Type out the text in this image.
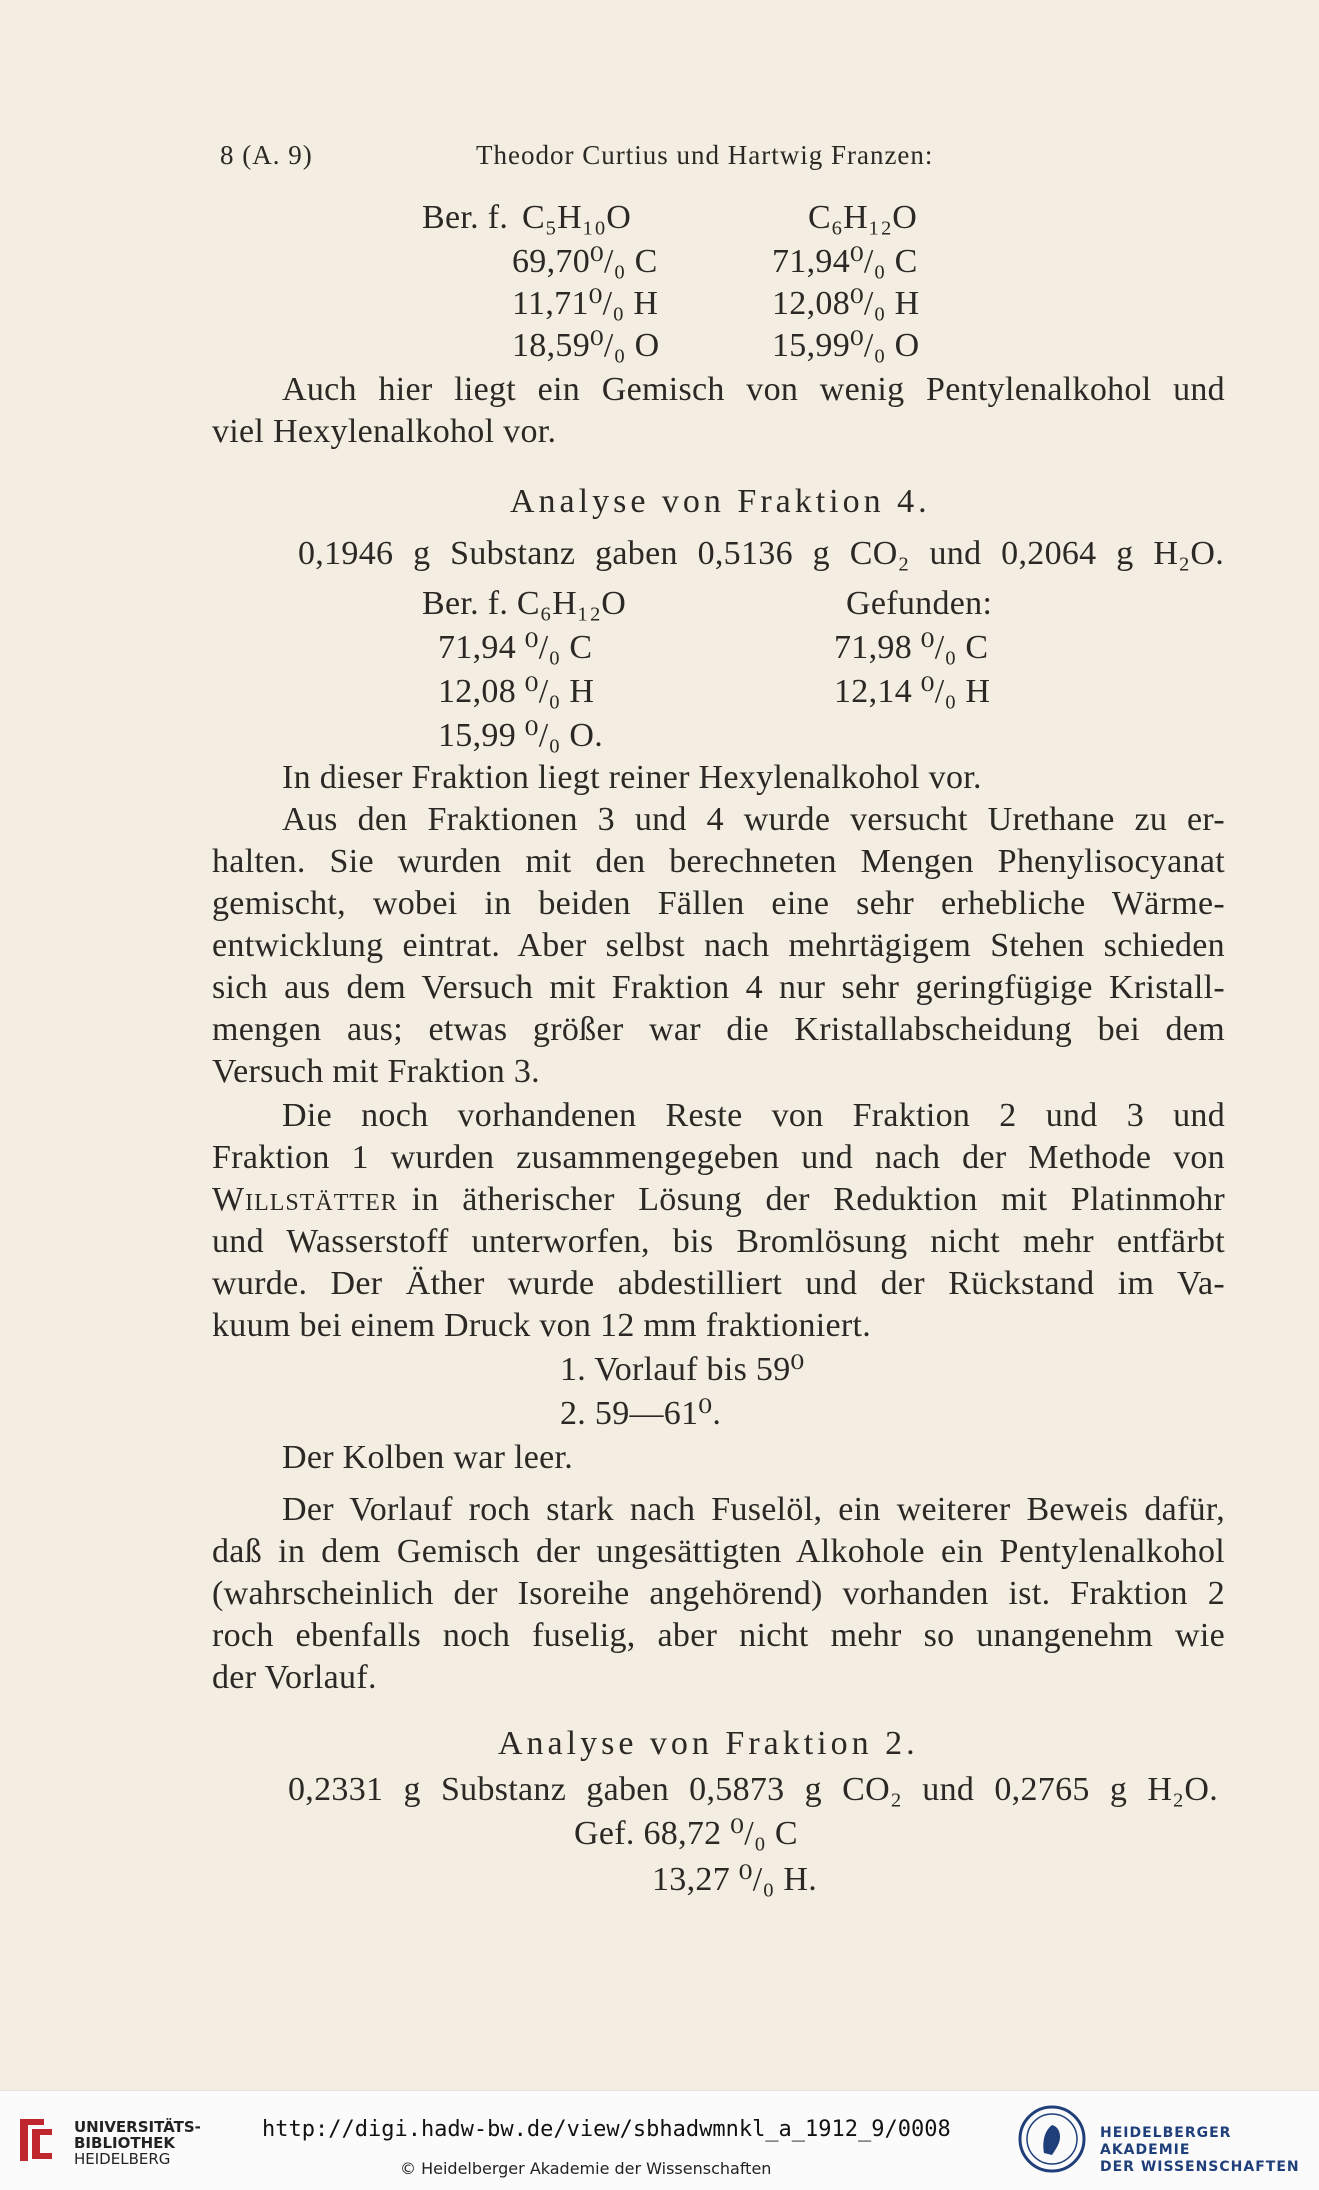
8 (A. 9)	Theodor Curtius und Hartwig Franzen:
Ber. f. C₅H₁₀O	C₆H₁₂O
69,70⁰/₀ C	71,94⁰/₀ C
11,71⁰/₀ H	12,08⁰/₀ H
18,59⁰/₀ O	15,99⁰/₀ O
Auch hier liegt ein Gemisch von wenig Pentylenalkohol und
viel Hexylenalkohol vor.
Analyse von Fraktion 4.
0,1946 g Substanz gaben 0,5136 g CO₂ und 0,2064 g H₂O.
Ber. f. C₆H₁₂O	Gefunden:
71,94 ⁰/₀ C	71,98 ⁰/₀ C
12,08 ⁰/₀ H	12,14 ⁰/₀ H
15,99 ⁰/₀ O.
In dieser Fraktion liegt reiner Hexylenalkohol vor.
Aus den Fraktionen 3 und 4 wurde versucht Urethane zu er-
halten. Sie wurden mit den berechneten Mengen Phenylisocyanat
gemischt, wobei in beiden Fällen eine sehr erhebliche Wärme-
entwicklung eintrat. Aber selbst nach mehrtägigem Stehen schieden
sich aus dem Versuch mit Fraktion 4 nur sehr geringfügige Kristall-
mengen aus; etwas größer war die Kristallabscheidung bei dem
Versuch mit Fraktion 3.
Die noch vorhandenen Reste von Fraktion 2 und 3 und
Fraktion 1 wurden zusammengegeben und nach der Methode von
Willstätter in ätherischer Lösung der Reduktion mit Platinmohr
und Wasserstoff unterworfen, bis Bromlösung nicht mehr entfärbt
wurde. Der Äther wurde abdestilliert und der Rückstand im Va-
kuum bei einem Druck von 12 mm fraktioniert.
1. Vorlauf bis 59⁰
2. 59—61⁰.
Der Kolben war leer.
Der Vorlauf roch stark nach Fuselöl, ein weiterer Beweis dafür,
daß in dem Gemisch der ungesättigten Alkohole ein Pentylenalkohol
(wahrscheinlich der Isoreihe angehörend) vorhanden ist. Fraktion 2
roch ebenfalls noch fuselig, aber nicht mehr so unangenehm wie
der Vorlauf.
Analyse von Fraktion 2.
0,2331 g Substanz gaben 0,5873 g CO₂ und 0,2765 g H₂O.
Gef. 68,72 ⁰/₀ C
13,27 ⁰/₀ H.
UNIVERSITÄTS-
BIBLIOTHEK
HEIDELBERG
http://digi.hadw-bw.de/view/sbhadwmnkl_a_1912_9/0008
© Heidelberger Akademie der Wissenschaften
HEIDELBERGER AKADEMIE
DER WISSENSCHAFTEN
